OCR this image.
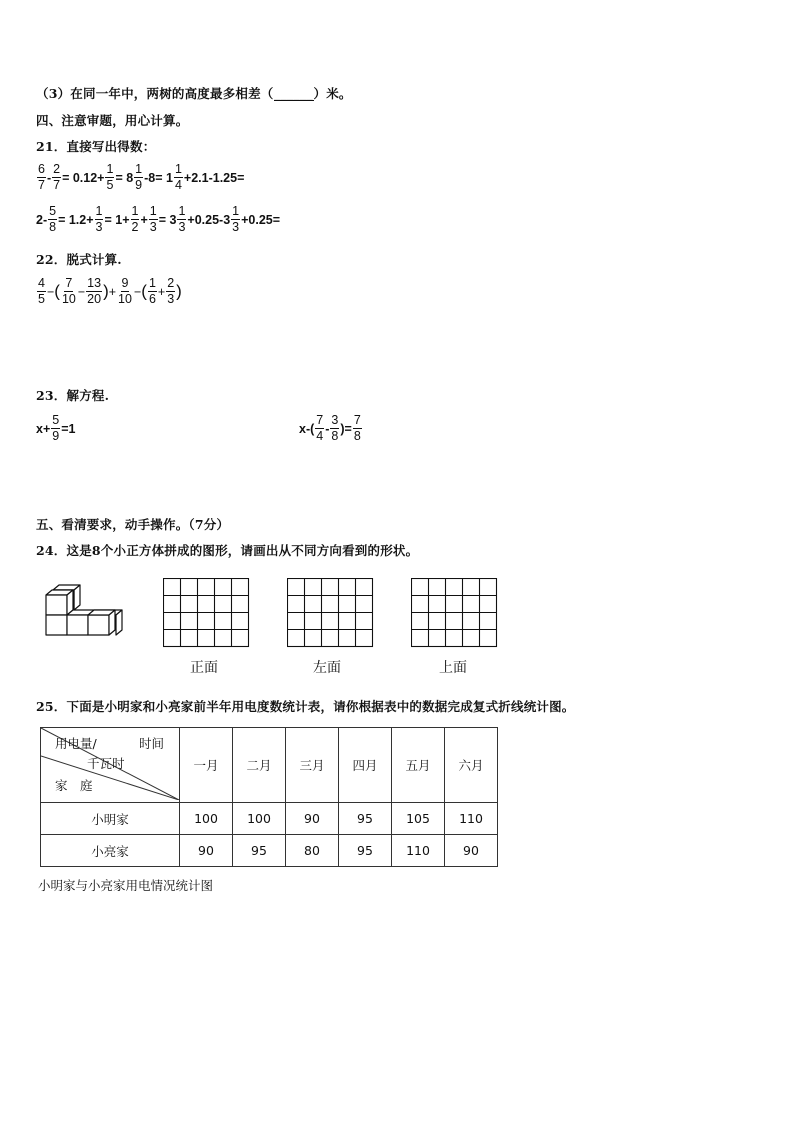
（3）在同一年中，两树的高度最多相差（______）米。
四、注意审题，用心计算。
21．直接写出得数：
$\frac{6}{7} - \frac{2}{7} = 0.12+ \frac{1}{5} = 8 \frac{1}{9} -8= 1 \frac{1}{4} +2.1-1.25=$
$2- \frac{5}{8} = 1.2+ \frac{1}{3} = 1+ \frac{1}{2} + \frac{1}{3} = 3 \frac{1}{3} +0.25-3 \frac{1}{3} +0.25=$
22．脱式计算.
$\frac{4}{5}$ −( $\frac{7}{10} - \frac{13}{20}$ )+ $\frac{9}{10}$ −( $\frac{1}{6} + \frac{2}{3}$ )
23．解方程.
$x+ \frac{5}{9} =1$	$x-( \frac{7}{4} - \frac{3}{8}$ )= $\frac{7}{8}$
五、看清要求，动手操作。（7分）
24．这是8个小正方体拼成的图形，请画出从不同方向看到的形状。
正面	左面	上面
25．下面是小明家和小亮家前半年用电度数统计表，请你根据表中的数据完成复式折线统计图。
用电量/ 时间
千瓦时
家　庭	一月	二月	三月	四月	五月	六月
小明家	100	100	90	95	105	110
小亮家	90	95	80	95	110	90
小明家与小亮家用电情况统计图
